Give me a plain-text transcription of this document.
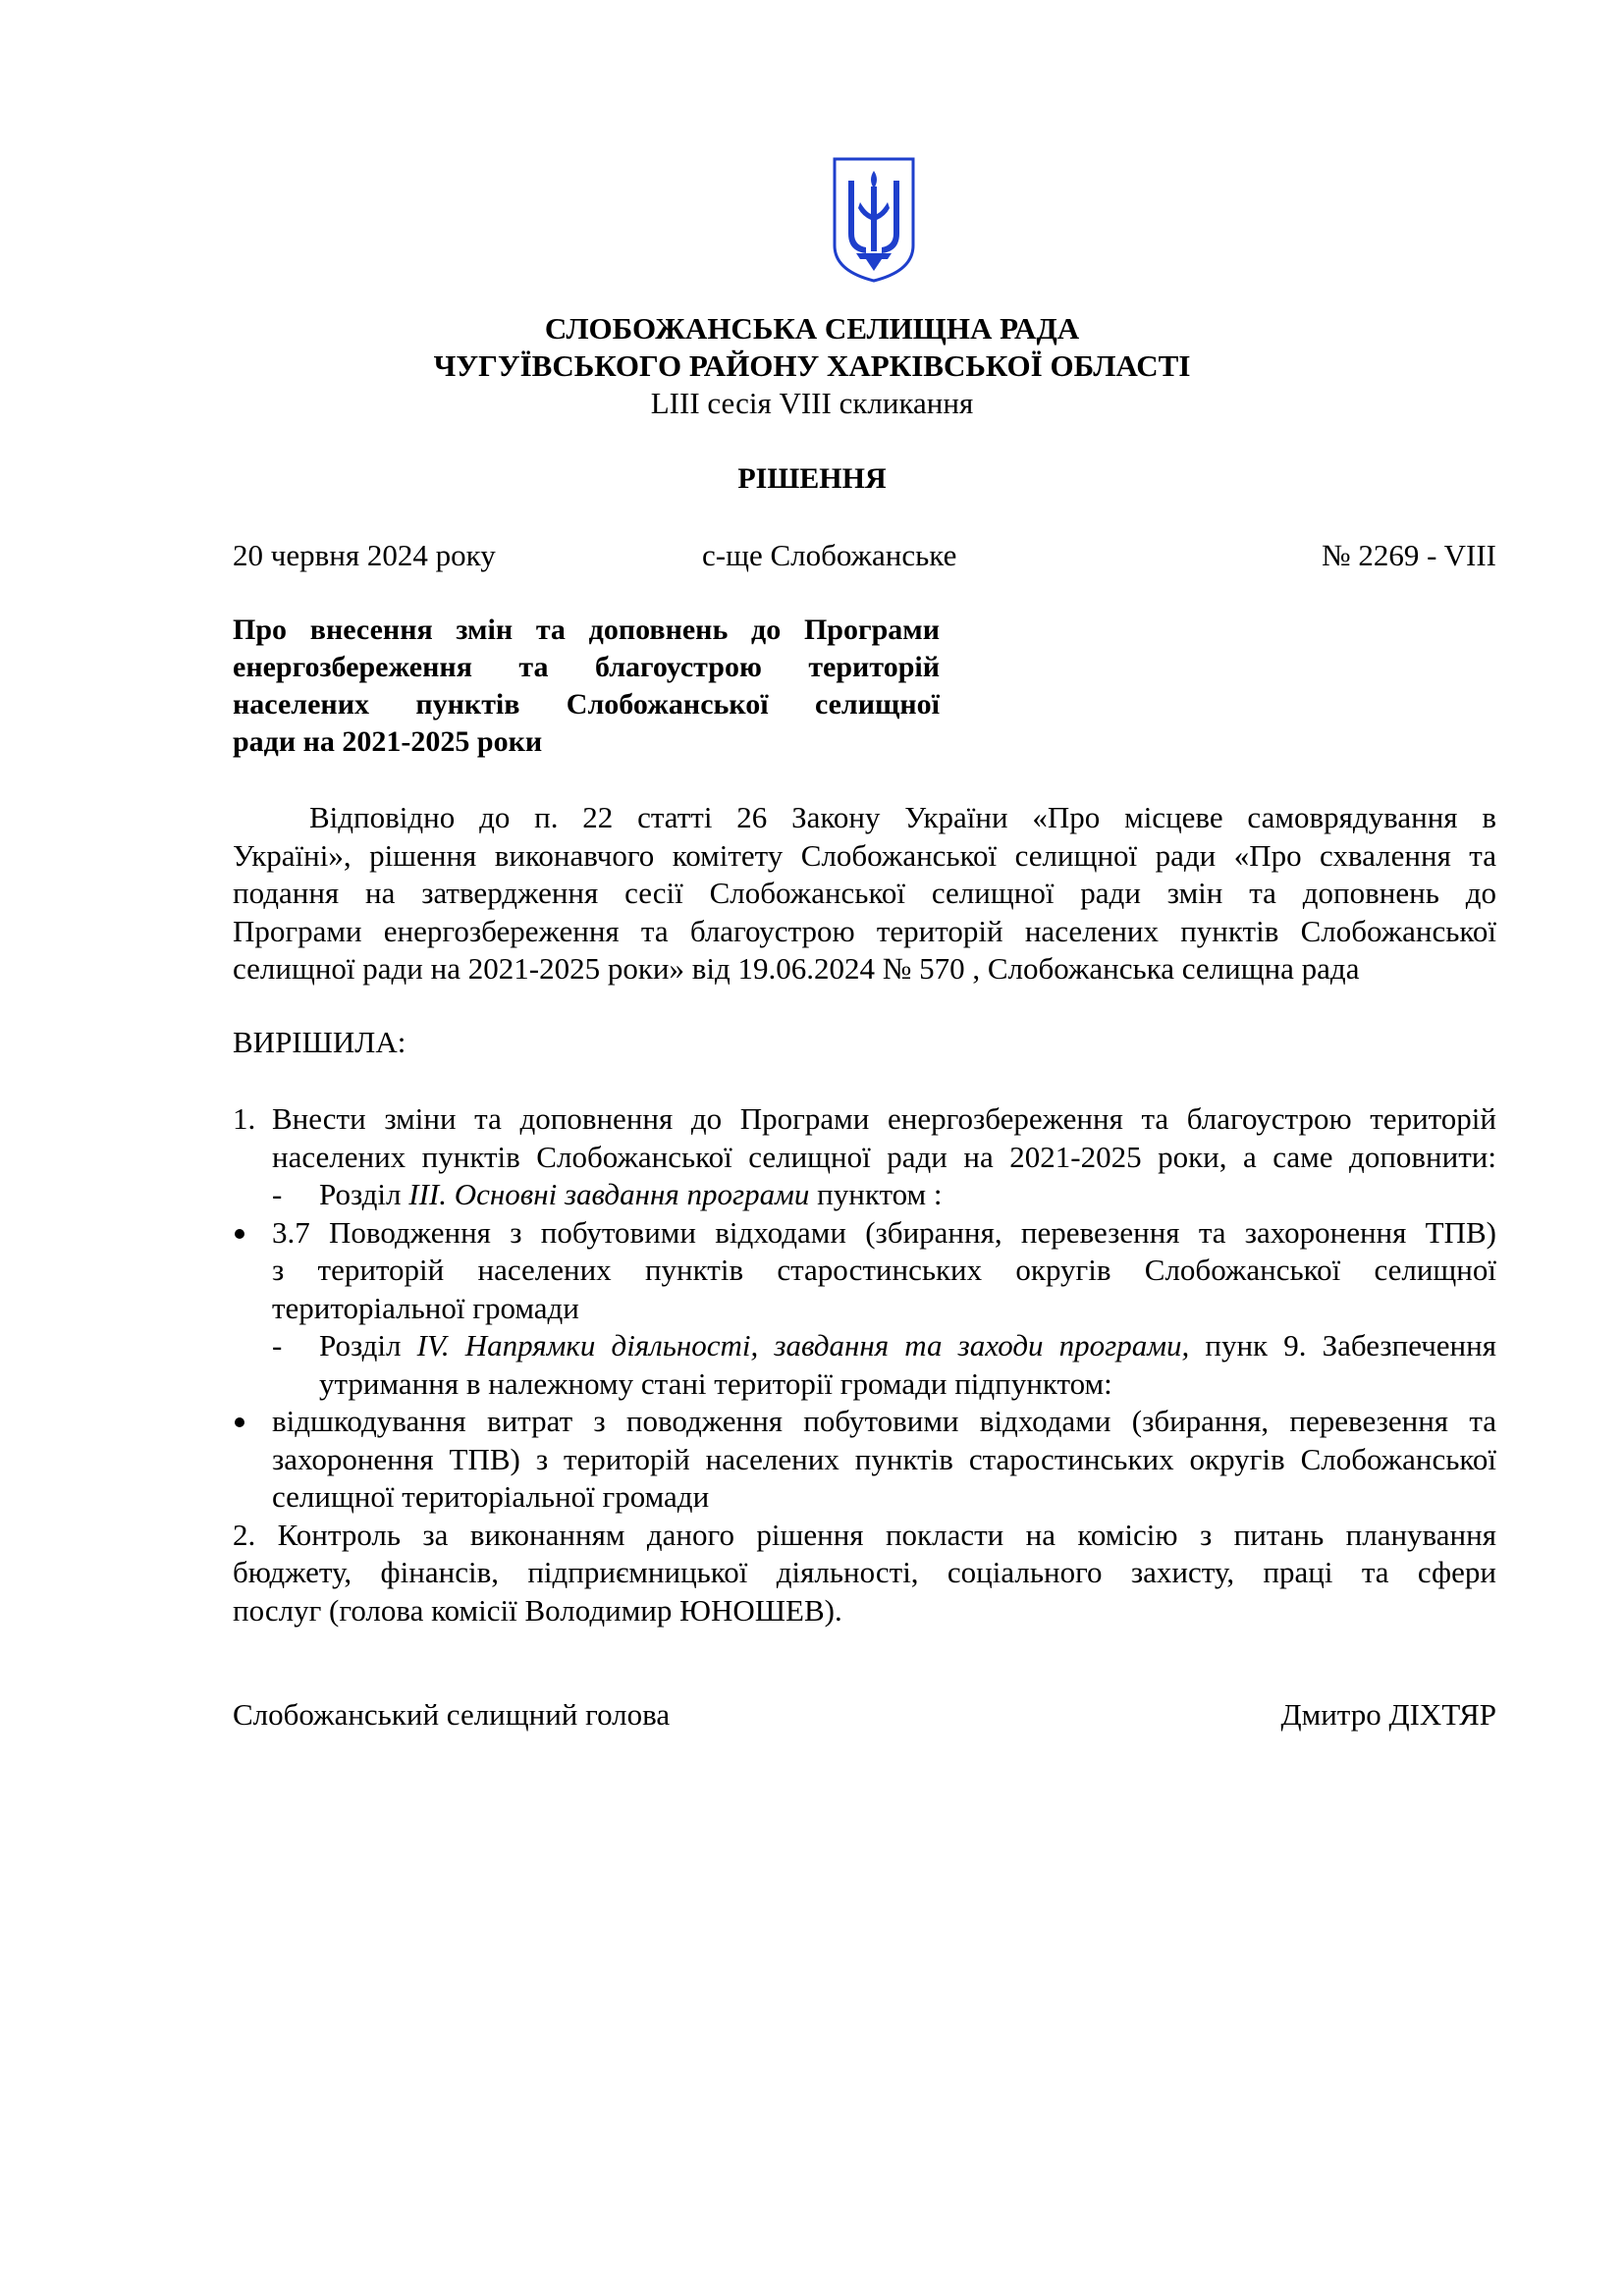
СЛОБОЖАНСЬКА СЕЛИЩНА РАДА
ЧУГУЇВСЬКОГО РАЙОНУ ХАРКІВСЬКОЇ ОБЛАСТІ
LIII сесія VIII скликання
РІШЕННЯ
20 червня 2024 року	с-ще Слобожанське	№ 2269 - VIII
Про внесення змін та доповнень до Програми
енергозбереження та благоустрою територій
населених пунктів Слобожанської селищної
ради на 2021-2025 роки
Відповідно до п. 22 статті 26 Закону України «Про місцеве самоврядування в
Україні», рішення виконавчого комітету Слобожанської селищної ради «Про схвалення та
подання на затвердження сесії Слобожанської селищної ради змін та доповнень до
Програми енергозбереження та благоустрою територій населених пунктів Слобожанської
селищної ради на 2021-2025 роки» від 19.06.2024 № 570 , Слобожанська селищна рада
ВИРІШИЛА:
1. Внести зміни та доповнення до Програми енергозбереження та благоустрою територій
населених пунктів Слобожанської селищної ради на 2021-2025 роки, а саме доповнити:
- Розділ ІІІ. Основні завдання програми пунктом :
3.7 Поводження з побутовими відходами (збирання, перевезення та захоронення ТПВ)
з територій населених пунктів старостинських округів Слобожанської селищної
територіальної громади
- Розділ IV. Напрямки діяльності, завдання та заходи програми, пунк 9. Забезпечення
утримання в належному стані території громади підпунктом:
відшкодування витрат з поводження побутовими відходами (збирання, перевезення та
захоронення ТПВ) з територій населених пунктів старостинських округів Слобожанської
селищної територіальної громади
2. Контроль за виконанням даного рішення покласти на комісію з питань планування
бюджету, фінансів, підприємницької діяльності, соціального захисту, праці та сфери
послуг (голова комісії Володимир ЮНОШЕВ).
Слобожанський селищний голова	Дмитро ДІХТЯР
